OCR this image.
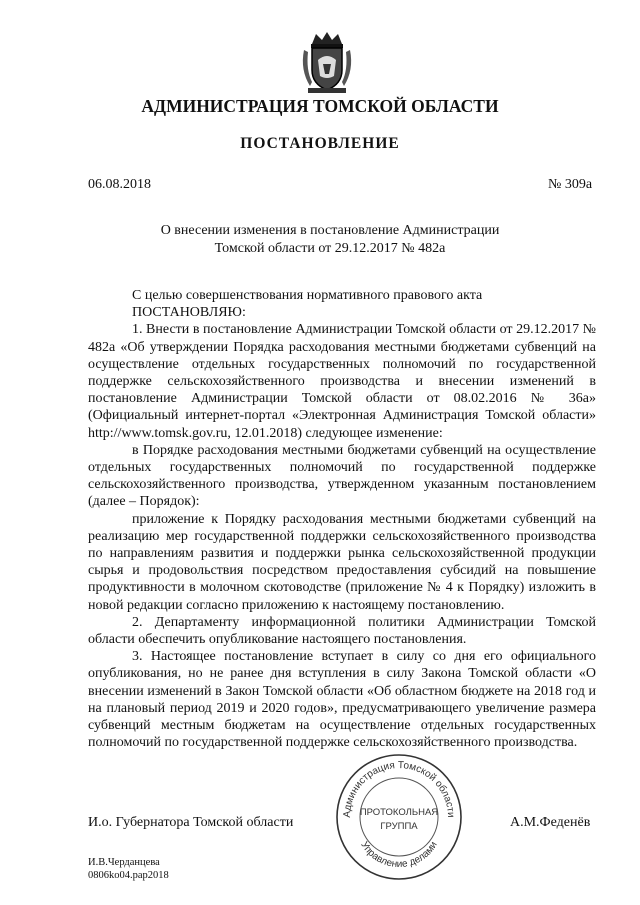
АДМИНИСТРАЦИЯ ТОМСКОЙ ОБЛАСТИ
ПОСТАНОВЛЕНИЕ
06.08.2018	№ 309а
О внесении изменения в постановление Администрации
Томской области от 29.12.2017 № 482а

С целью совершенствования нормативного правового акта

ПОСТАНОВЛЯЮ:

1. Внести в постановление Администрации Томской области от 29.12.2017 № 482а «Об утверждении Порядка расходования местными бюджетами субвенций на осуществление отдельных государственных полномочий по государственной поддержке сельскохозяйственного производства и внесении изменений в постановление Администрации Томской области от 08.02.2016 № 36а» (Официальный интернет-портал «Электронная Администрация Томской области» http://www.tomsk.gov.ru, 12.01.2018) следующее изменение:

в Порядке расходования местными бюджетами субвенций на осуществление отдельных государственных полномочий по государственной поддержке сельскохозяйственного производства, утвержденном указанным постановлением (далее – Порядок):

приложение к Порядку расходования местными бюджетами субвенций на реализацию мер государственной поддержки сельскохозяйственного производства по направлениям развития и поддержки рынка сельскохозяйственной продукции сырья и продовольствия посредством предоставления субсидий на повышение продуктивности в молочном скотоводстве (приложение № 4 к Порядку) изложить в новой редакции согласно приложению к настоящему постановлению.

2. Департаменту информационной политики Администрации Томской области обеспечить опубликование настоящего постановления.

3. Настоящее постановление вступает в силу со дня его официального опубликования, но не ранее дня вступления в силу Закона Томской области «О внесении изменений в Закон Томской области «Об областном бюджете на 2018 год и на плановый период 2019 и 2020 годов», предусматривающего увеличение размера субвенций местным бюджетам на осуществление отдельных государственных полномочий по государственной поддержке сельскохозяйственного производства.

Администрация Томской области
Управление делами
ПРОТОКОЛЬНАЯ
ГРУППА
И.о. Губернатора Томской области	А.М.Феденёв
И.В.Черданцева
0806ko04.pap2018
